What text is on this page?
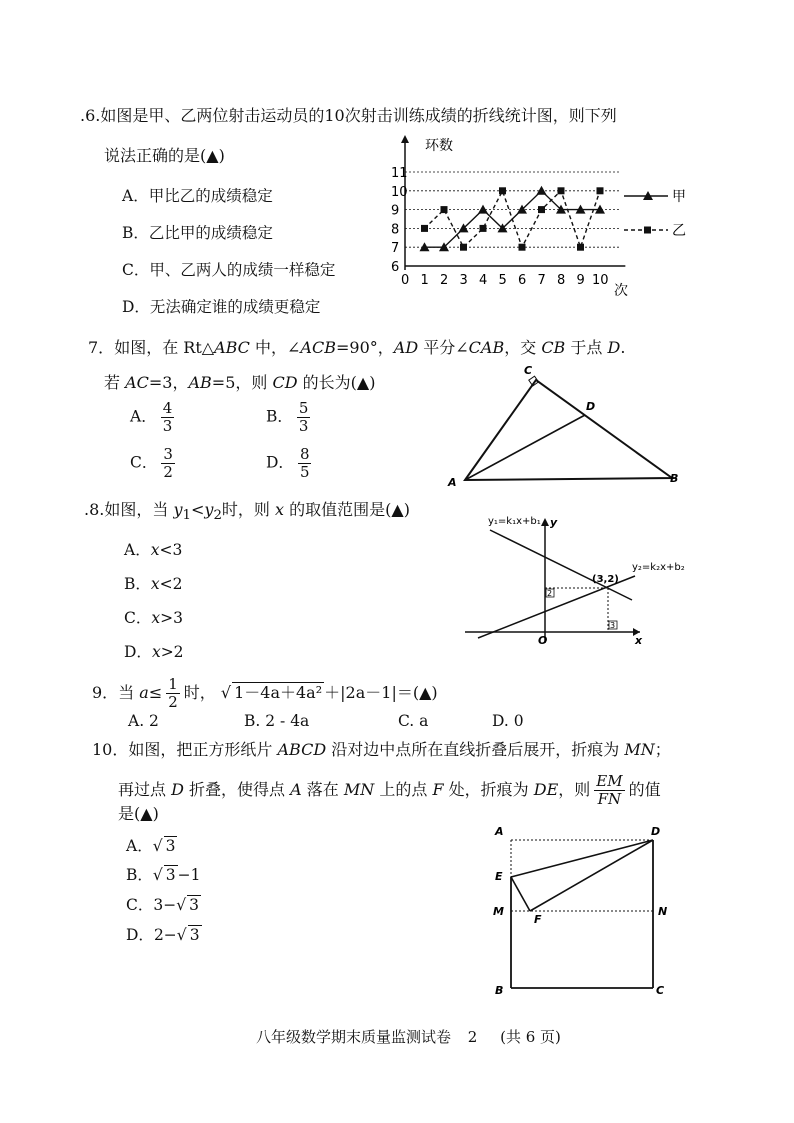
.6.如图是甲、乙两位射击运动员的10次射击训练成绩的折线统计图，则下列
说法正确的是(▲)
A．甲比乙的成绩稳定
B．乙比甲的成绩稳定
C．甲、乙两人的成绩一样稳定
D．无法确定谁的成绩更稳定
6
7
8
9
10
11
0 1 2 3 4 5 6 7 8 9 10
甲
乙
环数
次
7．如图，在 Rt△ABC 中，∠ACB=90°，AD 平分∠CAB，交 CB 于点 D.
若 AC=3，AB=5，则 CD 的长为(▲)
A． $\frac{4}{3}$	B． $\frac{5}{3}$
C． $\frac{3}{2}$	D． $\frac{8}{5}$
C
D
A	B
.8.如图，当 $y_1<y_2$时，则 x 的取值范围是(▲)
A．x<3
B．x<2
C．x>3
D．x>2
2
3
y₁=k₁x+b₁
y₂=k₂x+b₂
(3,2)
y
x
O
9．当 $a\le \frac{1}{2}$ 时， √ 1－4a＋4a² ＋|2a－1|＝(▲)
A. 2	B. 2 - 4a	C. a	D. 0
10．如图，把正方形纸片 ABCD 沿对边中点所在直线折叠后展开，折痕为 MN；
再过点 D 折叠，使得点 A 落在 MN 上的点 F 处，折痕为 DE，则 $\frac{EM}{FN}$ 的值
是(▲)
A．√ 3
B．√ 3 −1
C．3−√ 3
D．2−√ 3
A	D
E
M
F
N
B	C
八年级数学期末质量监测试卷 2 (共 6 页)
